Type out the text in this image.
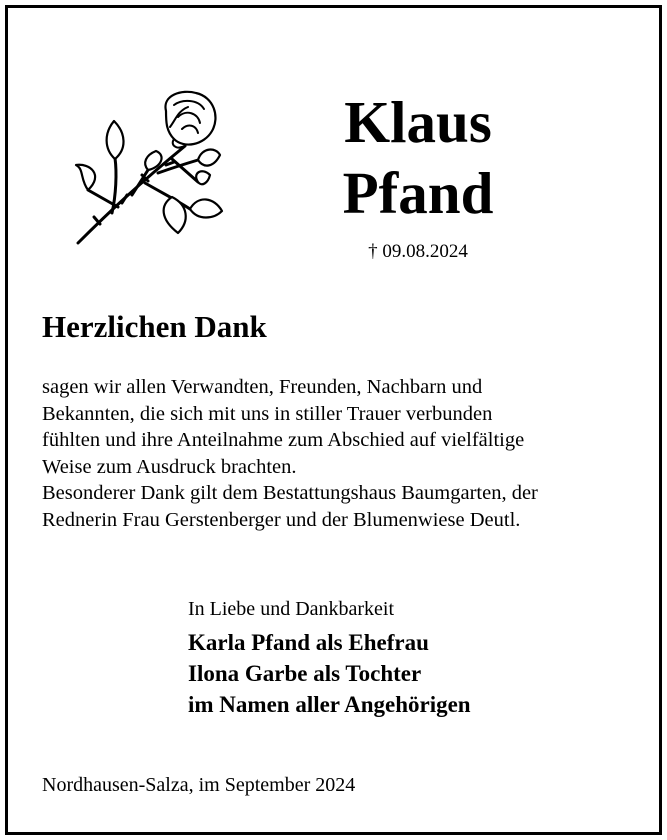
Klaus
Pfand
† 09.08.2024
Herzlichen Dank

sagen wir allen Verwandten, Freunden, Nachbarn und

Bekannten, die sich mit uns in stiller Trauer verbunden

fühlten und ihre Anteilnahme zum Abschied auf vielfältige

Weise zum Ausdruck brachten.

Besonderer Dank gilt dem Bestattungshaus Baumgarten, der

Rednerin Frau Gerstenberger und der Blumenwiese Deutl.

In Liebe und Dankbarkeit
Karla Pfand als Ehefrau
Ilona Garbe als Tochter
im Namen aller Angehörigen
Nordhausen-Salza, im September 2024
